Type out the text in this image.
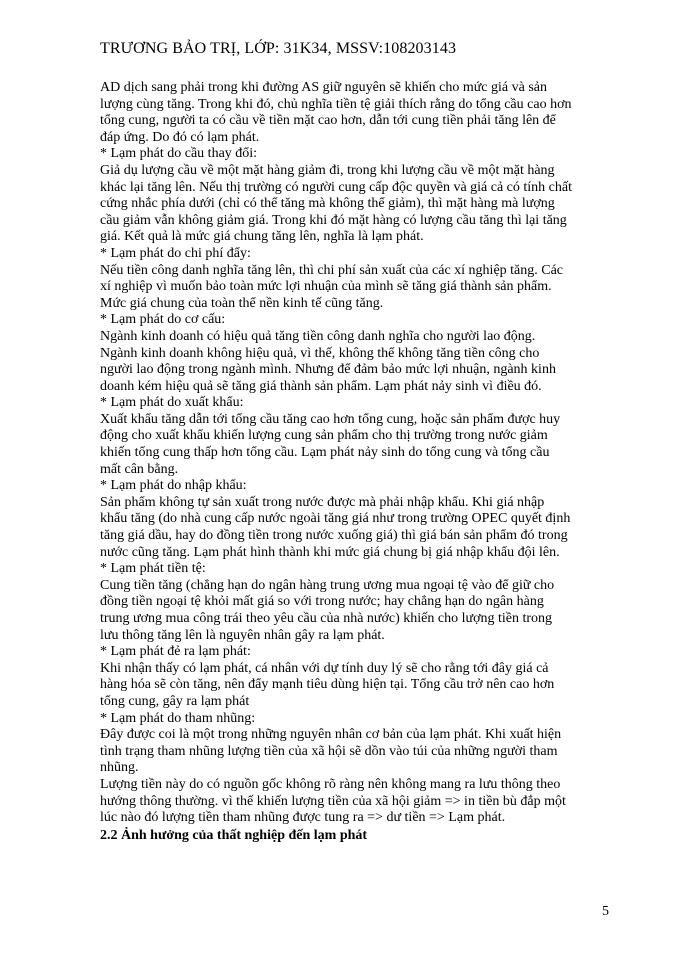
TRƯƠNG BẢO TRỊ, LỚP: 31K34, MSSV:108203143
AD dịch sang phải trong khi đường AS giữ nguyên sẽ khiến cho mức giá và sản
lượng cùng tăng. Trong khi đó, chủ nghĩa tiền tệ giải thích rằng do tổng cầu cao hơn
tổng cung, người ta có cầu về tiền mặt cao hơn, dẫn tới cung tiền phải tăng lên để
đáp ứng. Do đó có lạm phát.
* Lạm phát do cầu thay đổi:
Giả dụ lượng cầu về một mặt hàng giảm đi, trong khi lượng cầu về một mặt hàng
khác lại tăng lên. Nếu thị trường có người cung cấp độc quyền và giá cả có tính chất
cứng nhắc phía dưới (chỉ có thể tăng mà không thể giảm), thì mặt hàng mà lượng
cầu giảm vẫn không giảm giá. Trong khi đó mặt hàng có lượng cầu tăng thì lại tăng
giá. Kết quả là mức giá chung tăng lên, nghĩa là lạm phát.
* Lạm phát do chi phí đẩy:
Nếu tiền công danh nghĩa tăng lên, thì chi phí sản xuất của các xí nghiệp tăng. Các
xí nghiệp vì muốn bảo toàn mức lợi nhuận của mình sẽ tăng giá thành sản phẩm.
Mức giá chung của toàn thể nền kinh tế cũng tăng.
* Lạm phát do cơ cấu:
Ngành kinh doanh có hiệu quả tăng tiền công danh nghĩa cho người lao động.
Ngành kinh doanh không hiệu quả, vì thế, không thể không tăng tiền công cho
người lao động trong ngành mình. Nhưng để đảm bảo mức lợi nhuận, ngành kinh
doanh kém hiệu quả sẽ tăng giá thành sản phẩm. Lạm phát nảy sinh vì điều đó.
* Lạm phát do xuất khẩu:
Xuất khẩu tăng dẫn tới tổng cầu tăng cao hơn tổng cung, hoặc sản phẩm được huy
động cho xuất khẩu khiến lượng cung sản phẩm cho thị trường trong nước giảm
khiến tổng cung thấp hơn tổng cầu. Lạm phát nảy sinh do tổng cung và tổng cầu
mất cân bằng.
* Lạm phát do nhập khẩu:
Sản phẩm không tự sản xuất trong nước được mà phải nhập khẩu. Khi giá nhập
khẩu tăng (do nhà cung cấp nước ngoài tăng giá như trong trường OPEC quyết định
tăng giá dầu, hay do đồng tiền trong nước xuống giá) thì giá bán sản phẩm đó trong
nước cũng tăng. Lạm phát hình thành khi mức giá chung bị giá nhập khẩu đội lên.
* Lạm phát tiền tệ:
Cung tiền tăng (chẳng hạn do ngân hàng trung ương mua ngoại tệ vào để giữ cho
đồng tiền ngoại tệ khỏi mất giá so với trong nước; hay chẳng hạn do ngân hàng
trung ương mua công trái theo yêu cầu của nhà nước) khiến cho lượng tiền trong
lưu thông tăng lên là nguyên nhân gây ra lạm phát.
* Lạm phát đẻ ra lạm phát:
Khi nhận thấy có lạm phát, cá nhân với dự tính duy lý sẽ cho rằng tới đây giá cả
hàng hóa sẽ còn tăng, nên đẩy mạnh tiêu dùng hiện tại. Tổng cầu trở nên cao hơn
tổng cung, gây ra lạm phát
* Lạm phát do tham nhũng:
Đây được coi là một trong những nguyên nhân cơ bản của lạm phát. Khi xuất hiện
tình trạng tham nhũng lượng tiền của xã hội sẽ dồn vào túi của những người tham
nhũng.
Lượng tiền này do có nguồn gốc không rõ ràng nên không mang ra lưu thông theo
hướng thông thường. vì thế khiến lượng tiền của xã hội giảm => in tiền bù đắp một
lúc nào đó lượng tiền tham nhũng được tung ra => dư tiền => Lạm phát.
2.2 Ảnh hưởng của thất nghiệp đến lạm phát
5
